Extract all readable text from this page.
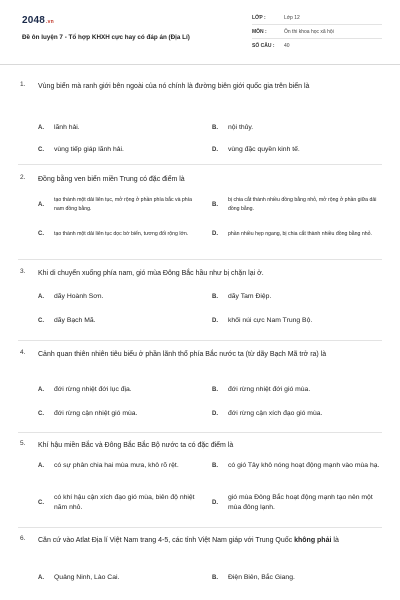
2048.vn
Đề ôn luyện 7 - Tổ hợp KHXH cực hay có đáp án (Địa Lí)
LỚP :	Lớp 12
MÔN :	Ôn thi khoa học xã hội
SỐ CÂU :	40
1. Vùng biển mà ranh giới bên ngoài của nó chính là đường biên giới quốc gia trên biển là
A.	lãnh hải.	B.	nội thủy.
C.	vùng tiếp giáp lãnh hải.	D.	vùng đặc quyền kinh tế.
2. Đồng bằng ven biển miền Trung có đặc điểm là
A.
tạo thành một dải liên tục, mở rộng ở phần phía bắc và phía nam đồng bằng.
B.
bị chia cắt thành nhiều đồng bằng nhỏ, mở rộng ở phần giữa dải đồng bằng.
C.	tạo thành một dải liên tục dọc bờ biển, tương đối rộng lớn.	D.	phần nhiều hẹp ngang, bị chia cắt thành nhiều đồng bằng nhỏ.
3. Khi di chuyển xuống phía nam, gió mùa Đông Bắc hầu như bị chặn lại ở.
A.	dãy Hoành Sơn.	B.	dãy Tam Điệp.
C.	dãy Bạch Mã.	D.	khối núi cực Nam Trung Bộ.
4. Cảnh quan thiên nhiên tiêu biểu ở phần lãnh thổ phía Bắc nước ta (từ dãy Bạch Mã trở ra) là
A.	đới rừng nhiệt đới lục địa.	B.	đới rừng nhiệt đới gió mùa.
C.	đới rừng cận nhiệt gió mùa.	D.	đới rừng cận xích đạo gió mùa.
5. Khí hậu miền Bắc và Đông Bắc Bắc Bộ nước ta có đặc điểm là
A.	có sự phân chia hai mùa mưa, khô rõ rệt.	B.	có gió Tây khô nóng hoạt động mạnh vào mùa hạ.
C.
có khí hậu cận xích đạo gió mùa, biên độ nhiệt năm nhỏ.
D.
gió mùa Đông Bắc hoạt động mạnh tạo nên một mùa đông lạnh.
6. Căn cứ vào Atlat Địa lí Việt Nam trang 4-5, các tỉnh Việt Nam giáp với Trung Quốc không phải là
A.	Quảng Ninh, Lào Cai.	B.	Điện Biên, Bắc Giang.
